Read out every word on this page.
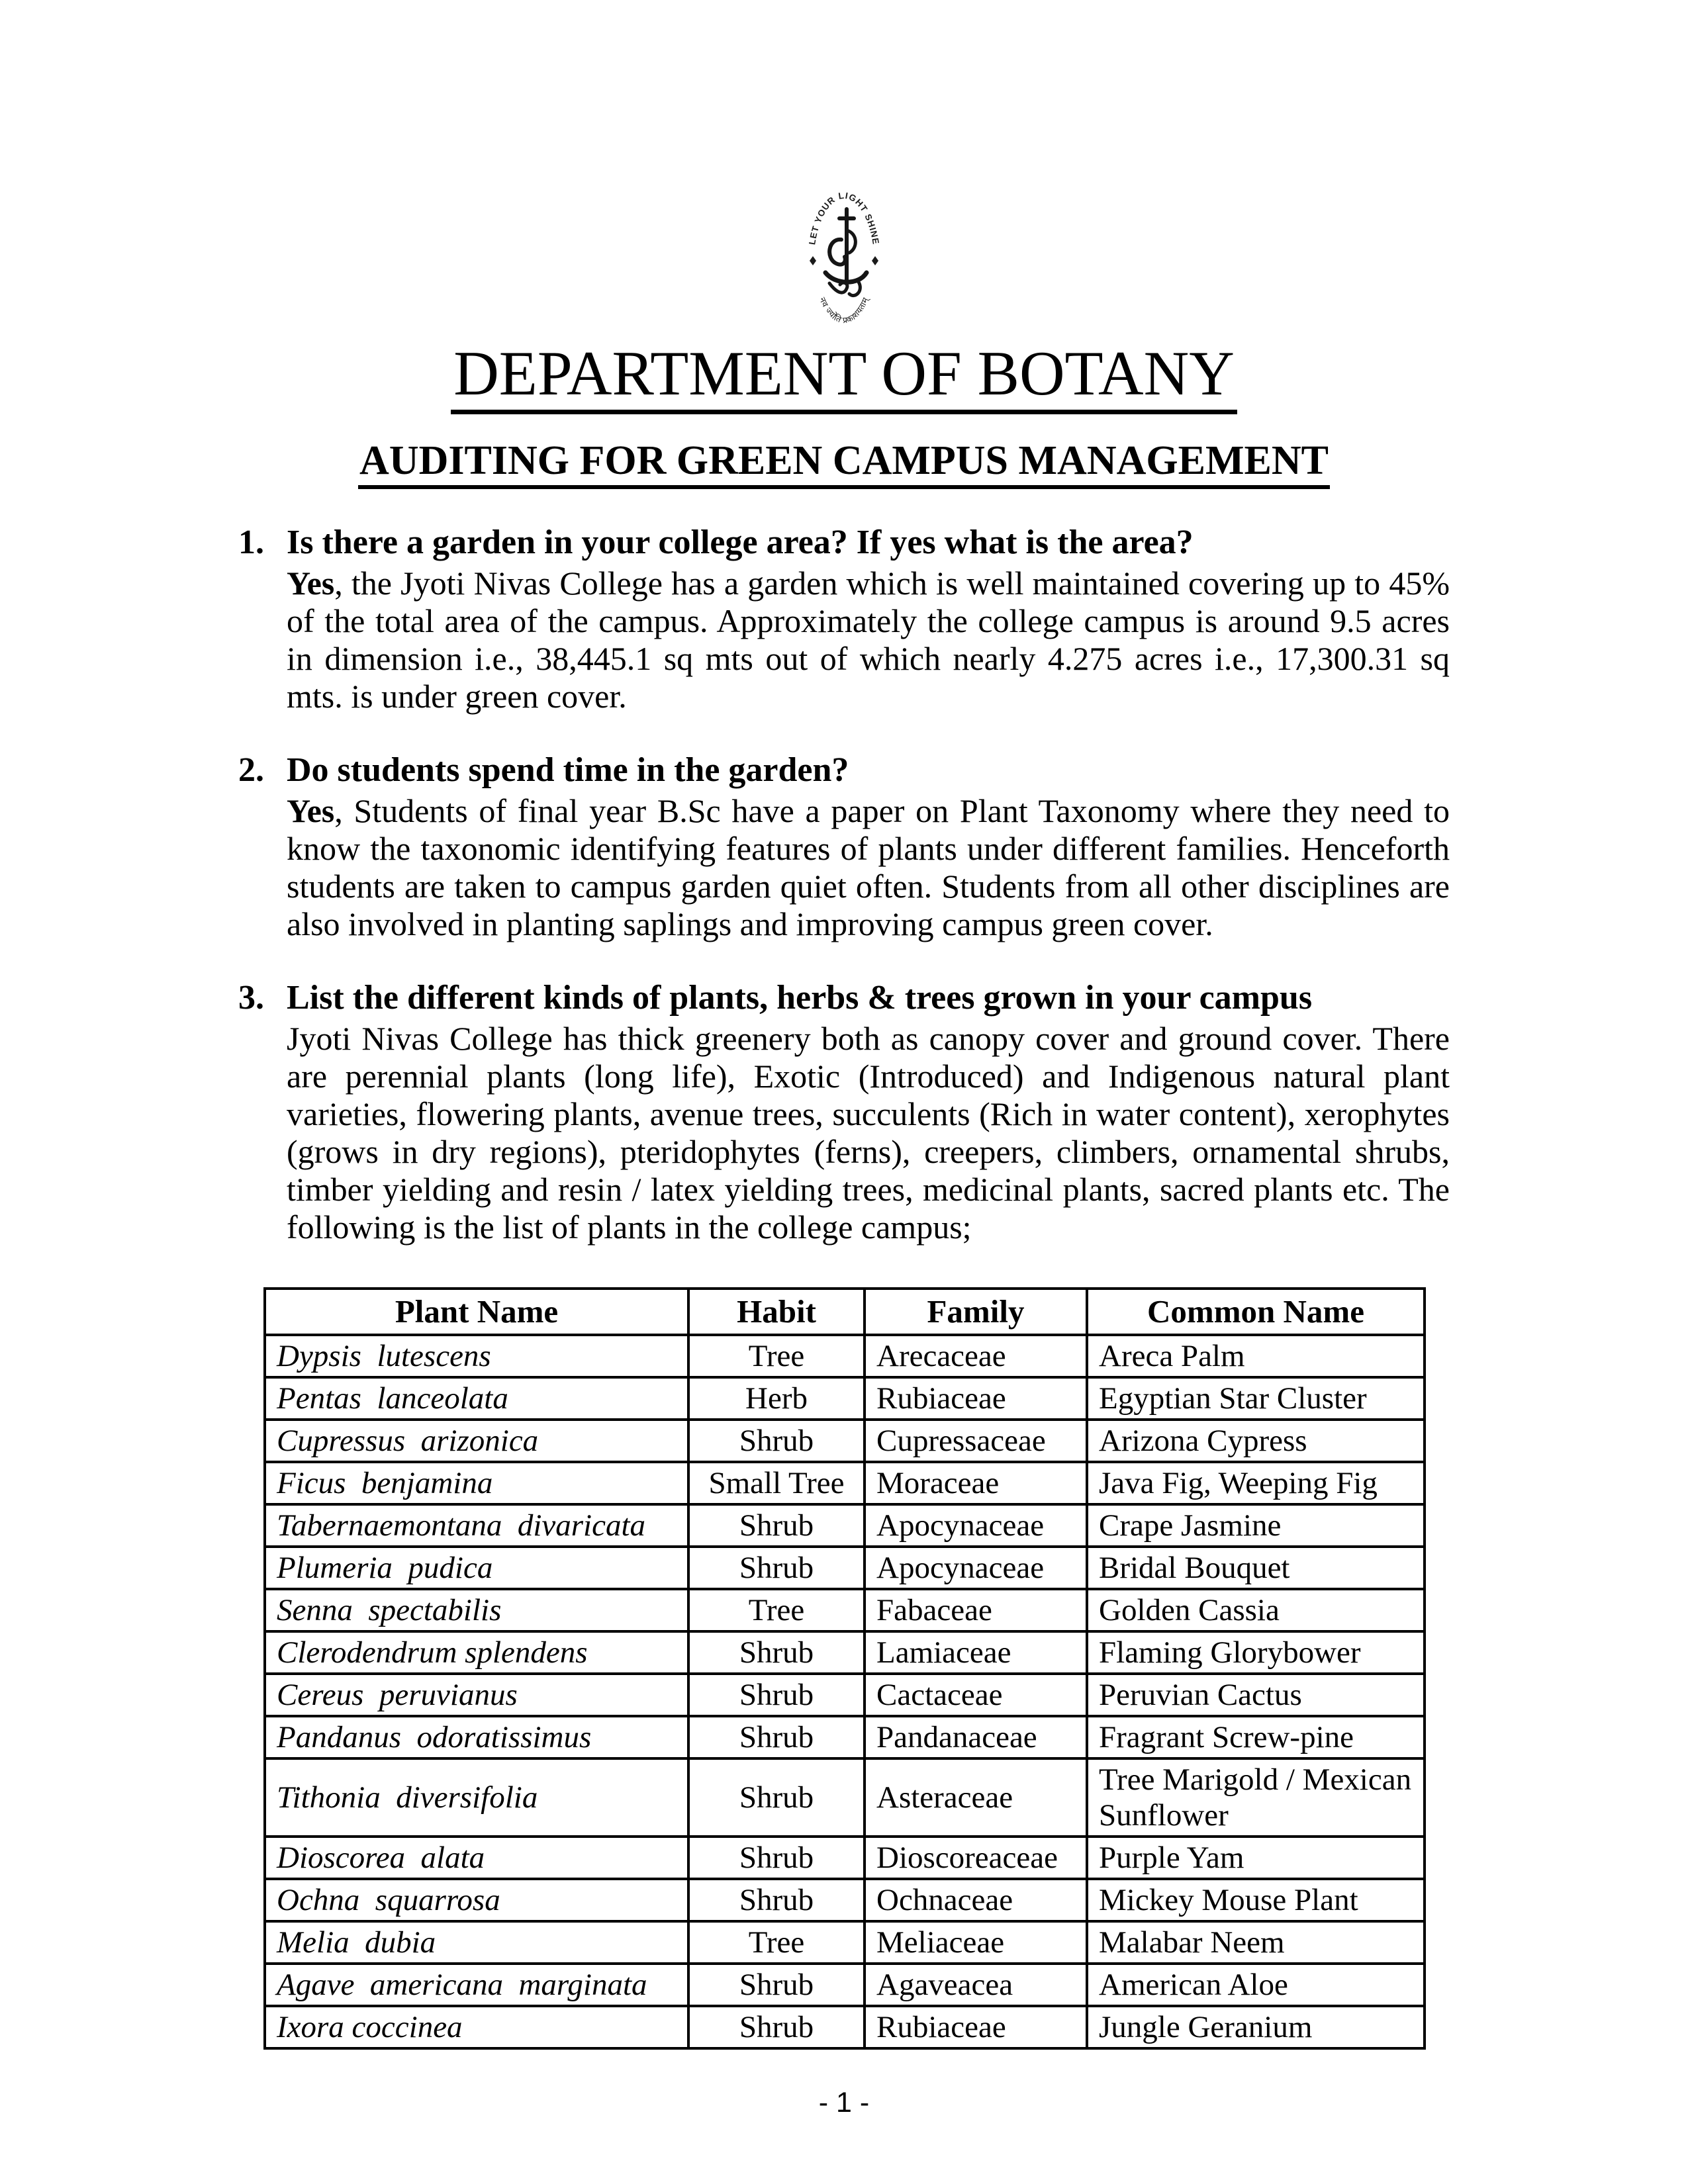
LET YOUR LIGHT SHINE
नव ज्योति प्रकाशयताम्
DEPARTMENT OF BOTANY
AUDITING FOR GREEN CAMPUS MANAGEMENT
1. Is there a garden in your college area? If yes what is the area?

Yes, the Jyoti Nivas College has a garden which is well maintained covering up to 45% of the total area of the campus. Approximately the college campus is around 9.5 acres in dimension i.e., 38,445.1 sq mts out of which nearly 4.275 acres i.e., 17,300.31 sq mts. is under green cover.

2. Do students spend time in the garden?

Yes, Students of final year B.Sc have a paper on Plant Taxonomy where they need to know the taxonomic identifying features of plants under different families. Henceforth students are taken to campus garden quiet often. Students from all other disciplines are also involved in planting saplings and improving campus green cover.

3. List the different kinds of plants, herbs & trees grown in your campus

Jyoti Nivas College has thick greenery both as canopy cover and ground cover. There are perennial plants (long life), Exotic (Introduced) and Indigenous natural plant varieties, flowering plants, avenue trees, succulents (Rich in water content), xerophytes (grows in dry regions), pteridophytes (ferns), creepers, climbers, ornamental shrubs, timber yielding and resin / latex yielding trees, medicinal plants, sacred plants etc. The following is the list of plants in the college campus;

Plant Name	Habit	Family	Common Name
Dypsis  lutescens	Tree	Arecaceae	Areca Palm
Pentas  lanceolata	Herb	Rubiaceae	Egyptian Star Cluster
Cupressus  arizonica	Shrub	Cupressaceae	Arizona Cypress
Ficus  benjamina	Small Tree	Moraceae	Java Fig, Weeping Fig
Tabernaemontana  divaricata	Shrub	Apocynaceae	Crape Jasmine
Plumeria  pudica	Shrub	Apocynaceae	Bridal Bouquet
Senna  spectabilis	Tree	Fabaceae	Golden Cassia
Clerodendrum splendens	Shrub	Lamiaceae	Flaming Glorybower
Cereus  peruvianus	Shrub	Cactaceae	Peruvian Cactus
Pandanus  odoratissimus	Shrub	Pandanaceae	Fragrant Screw-pine
Tithonia  diversifolia	Shrub	Asteraceae	Tree Marigold / Mexican Sunflower
Dioscorea  alata	Shrub	Dioscoreaceae	Purple Yam
Ochna  squarrosa	Shrub	Ochnaceae	Mickey Mouse Plant
Melia  dubia	Tree	Meliaceae	Malabar Neem
Agave  americana  marginata	Shrub	Agaveacea	American Aloe
Ixora coccinea	Shrub	Rubiaceae	Jungle Geranium
- 1 -
